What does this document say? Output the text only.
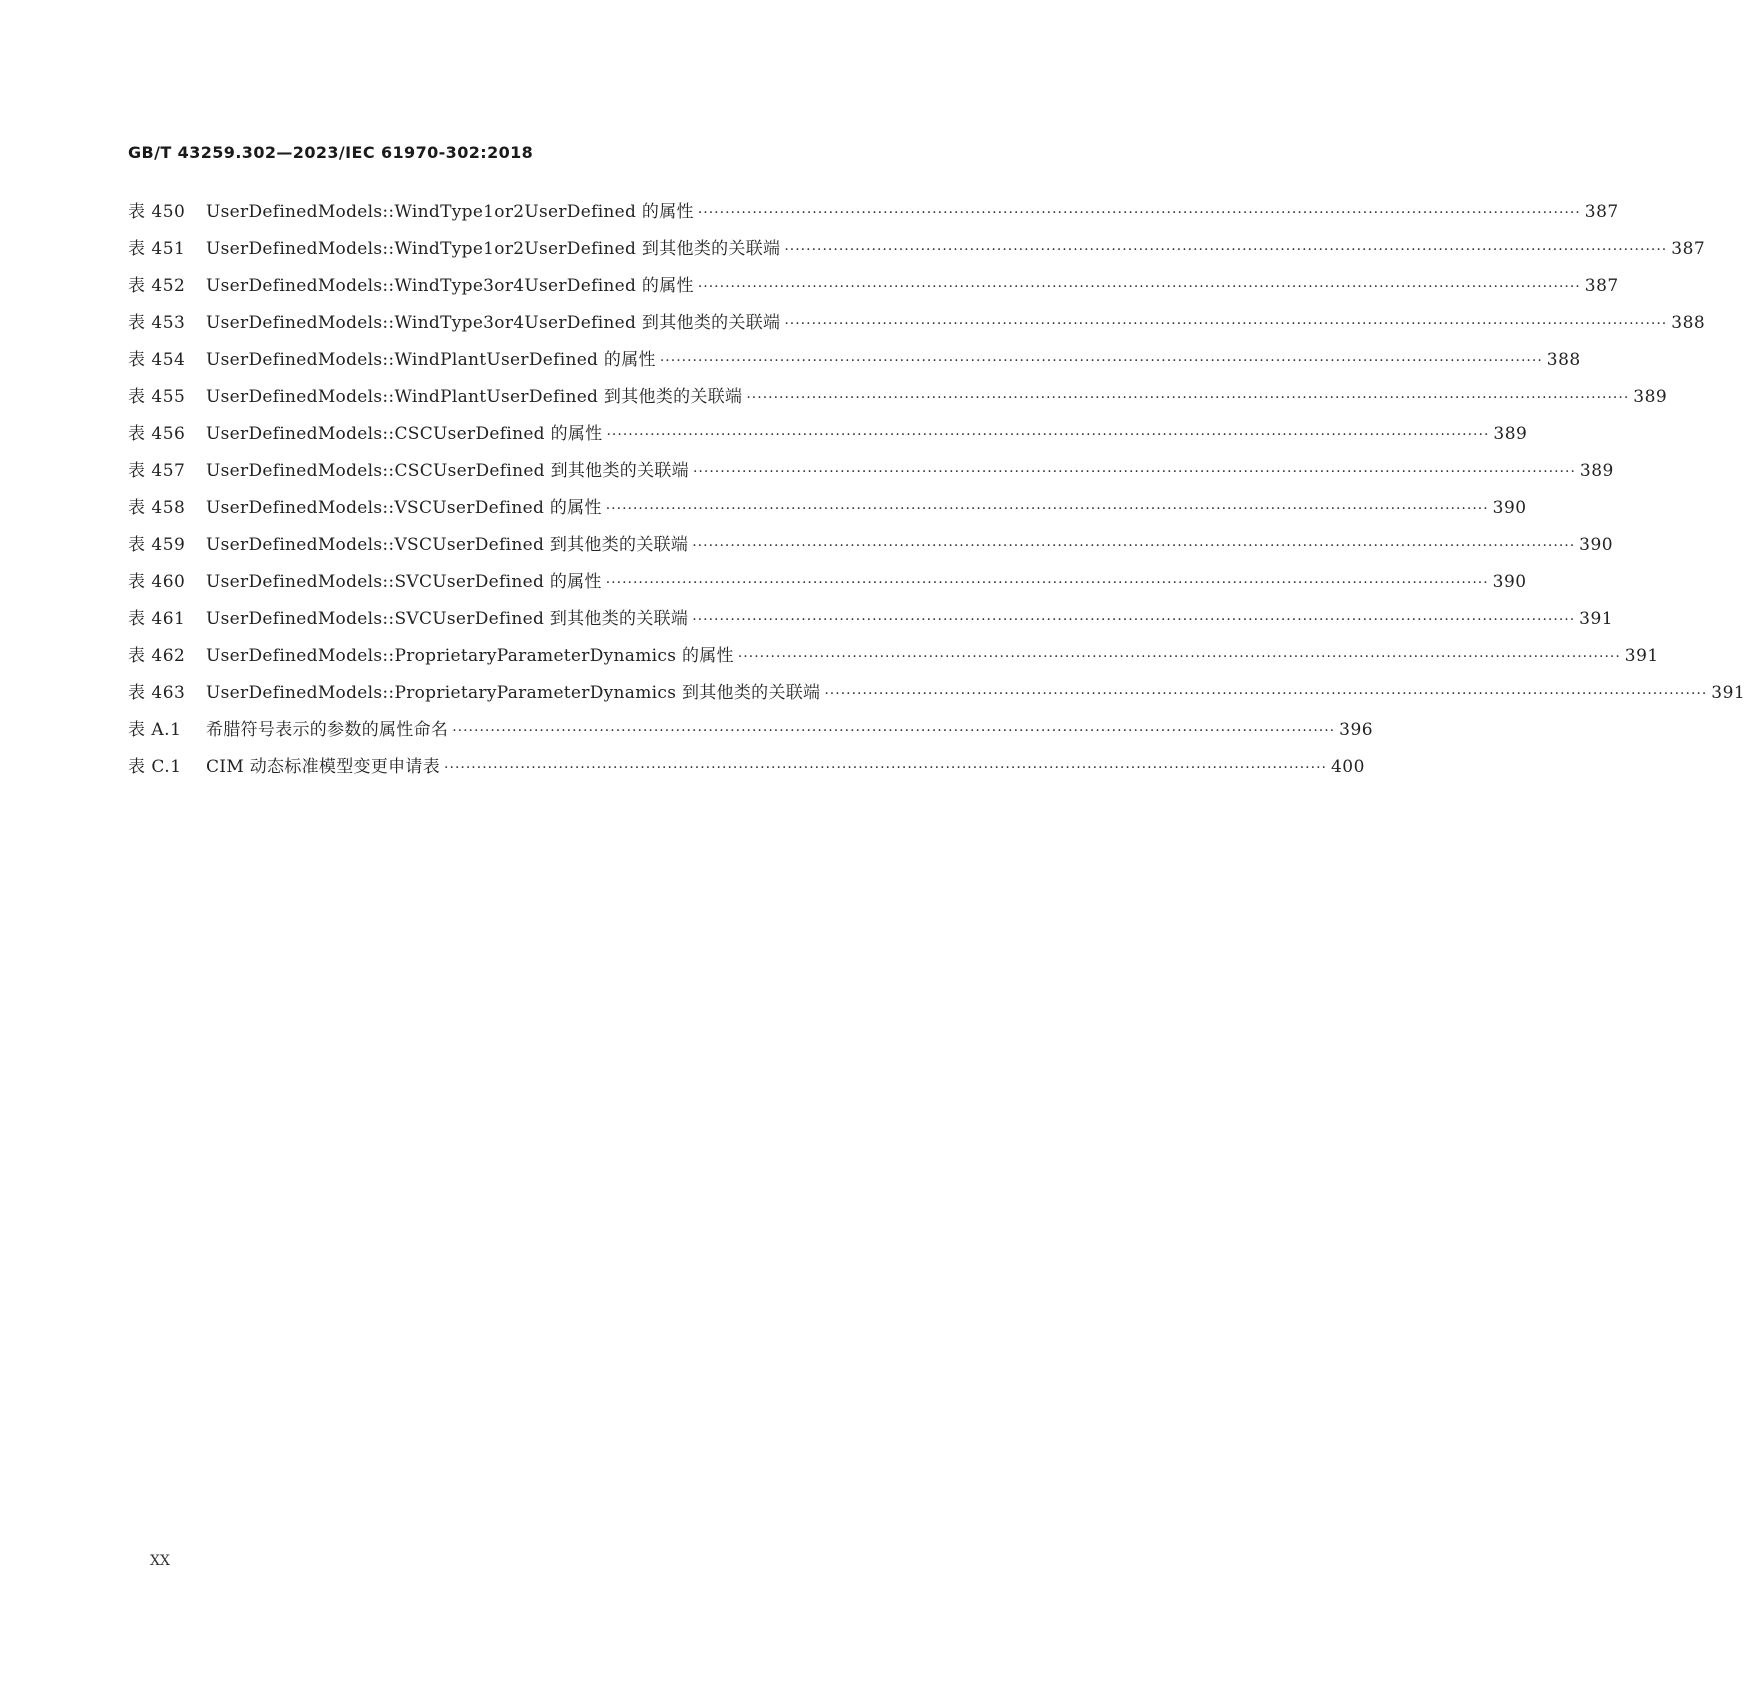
GB/T 43259.302—2023/IEC 61970-302:2018
表 450	UserDefinedModels::WindType1or2UserDefined 的属性 ·····	387
表 451	UserDefinedModels::WindType1or2UserDefined 到其他类的关联端 ·····	387
表 452	UserDefinedModels::WindType3or4UserDefined 的属性 ·····	387
表 453	UserDefinedModels::WindType3or4UserDefined 到其他类的关联端 ·····	388
表 454	UserDefinedModels::WindPlantUserDefined 的属性 ·····	388
表 455	UserDefinedModels::WindPlantUserDefined 到其他类的关联端 ·····	389
表 456	UserDefinedModels::CSCUserDefined 的属性 ·····	389
表 457	UserDefinedModels::CSCUserDefined 到其他类的关联端 ·····	389
表 458	UserDefinedModels::VSCUserDefined 的属性 ·····	390
表 459	UserDefinedModels::VSCUserDefined 到其他类的关联端 ·····	390
表 460	UserDefinedModels::SVCUserDefined 的属性 ·····	390
表 461	UserDefinedModels::SVCUserDefined 到其他类的关联端 ·····	391
表 462	UserDefinedModels::ProprietaryParameterDynamics 的属性 ·····	391
表 463	UserDefinedModels::ProprietaryParameterDynamics 到其他类的关联端 ·····	391
表 A.1	希腊符号表示的参数的属性命名 ·····	396
表 C.1	CIM 动态标准模型变更申请表 ·····	400
XX
